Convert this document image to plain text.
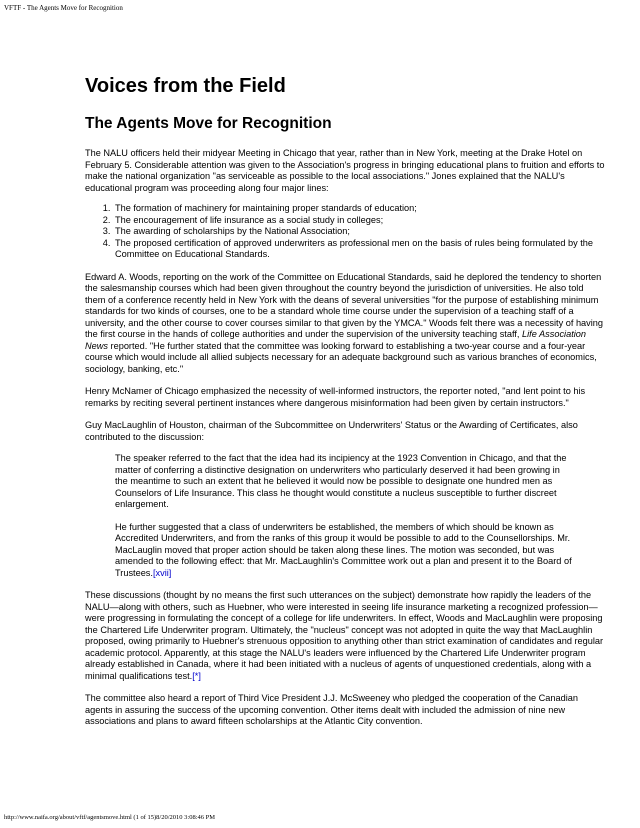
VFTF - The Agents Move for Recognition
Voices from the Field
The Agents Move for Recognition

The NALU officers held their midyear Meeting in Chicago that year, rather than in New York, meeting at the Drake Hotel on February 5. Considerable attention was given to the Association's progress in bringing educational plans to fruition and efforts to make the national organization "as serviceable as possible to the local associations." Jones explained that the NALU's educational program was proceeding along four major lines:

1. The formation of machinery for maintaining proper standards of education;
2. The encouragement of life insurance as a social study in colleges;
3. The awarding of scholarships by the National Association;
4. The proposed certification of approved underwriters as professional men on the basis of rules being formulated by the Committee on Educational Standards.

Edward A. Woods, reporting on the work of the Committee on Educational Standards, said he deplored the tendency to shorten the salesmanship courses which had been given throughout the country beyond the jurisdiction of universities. He also told them of a conference recently held in New York with the deans of several universities "for the purpose of establishing minimum standards for two kinds of courses, one to be a standard whole time course under the supervision of a teaching staff of a university, and the other course to cover courses similar to that given by the YMCA." Woods felt there was a necessity of having the first course in the hands of college authorities and under the supervision of the university teaching staff, Life Association News reported. "He further stated that the committee was looking forward to establishing a two-year course and a four-year course which would include all allied subjects necessary for an adequate background such as various branches of economics, sociology, banking, etc."

Henry McNamer of Chicago emphasized the necessity of well-informed instructors, the reporter noted, "and lent point to his remarks by reciting several pertinent instances where dangerous misinformation had been given by certain instructors."

Guy MacLaughlin of Houston, chairman of the Subcommittee on Underwriters' Status or the Awarding of Certificates, also contributed to the discussion:

The speaker referred to the fact that the idea had its incipiency at the 1923 Convention in Chicago, and that the matter of conferring a distinctive designation on underwriters who particularly deserved it had been growing in the meantime to such an extent that he believed it would now be possible to designate one hundred men as Counselors of Life Insurance. This class he thought would constitute a nucleus susceptible to further discreet enlargement.

He further suggested that a class of underwriters be established, the members of which should be known as Accredited Underwriters, and from the ranks of this group it would be possible to add to the Counsellorships. Mr. MacLauglin moved that proper action should be taken along these lines. The motion was seconded, but was amended to the following effect: that Mr. MacLaughlin's Committee work out a plan and present it to the Board of Trustees.[xvii]

These discussions (thought by no means the first such utterances on the subject) demonstrate how rapidly the leaders of the NALU—along with others, such as Huebner, who were interested in seeing life insurance marketing a recognized profession—were progressing in formulating the concept of a college for life underwriters. In effect, Woods and MacLaughlin were proposing the Chartered Life Underwriter program. Ultimately, the "nucleus" concept was not adopted in quite the way that MacLaughlin proposed, owing primarily to Huebner's strenuous opposition to anything other than strict examination of candidates and regular academic protocol. Apparently, at this stage the NALU's leaders were influenced by the Chartered Life Underwriter program already established in Canada, where it had been initiated with a nucleus of agents of unquestioned credentials, along with a minimal qualifications test.[*]

The committee also heard a report of Third Vice President J.J. McSweeney who pledged the cooperation of the Canadian agents in assuring the success of the upcoming convention. Other items dealt with included the admission of nine new associations and plans to award fifteen scholarships at the Atlantic City convention.

http://www.naifa.org/about/vftf/agentsmove.html (1 of 15)8/20/2010 3:08:46 PM
